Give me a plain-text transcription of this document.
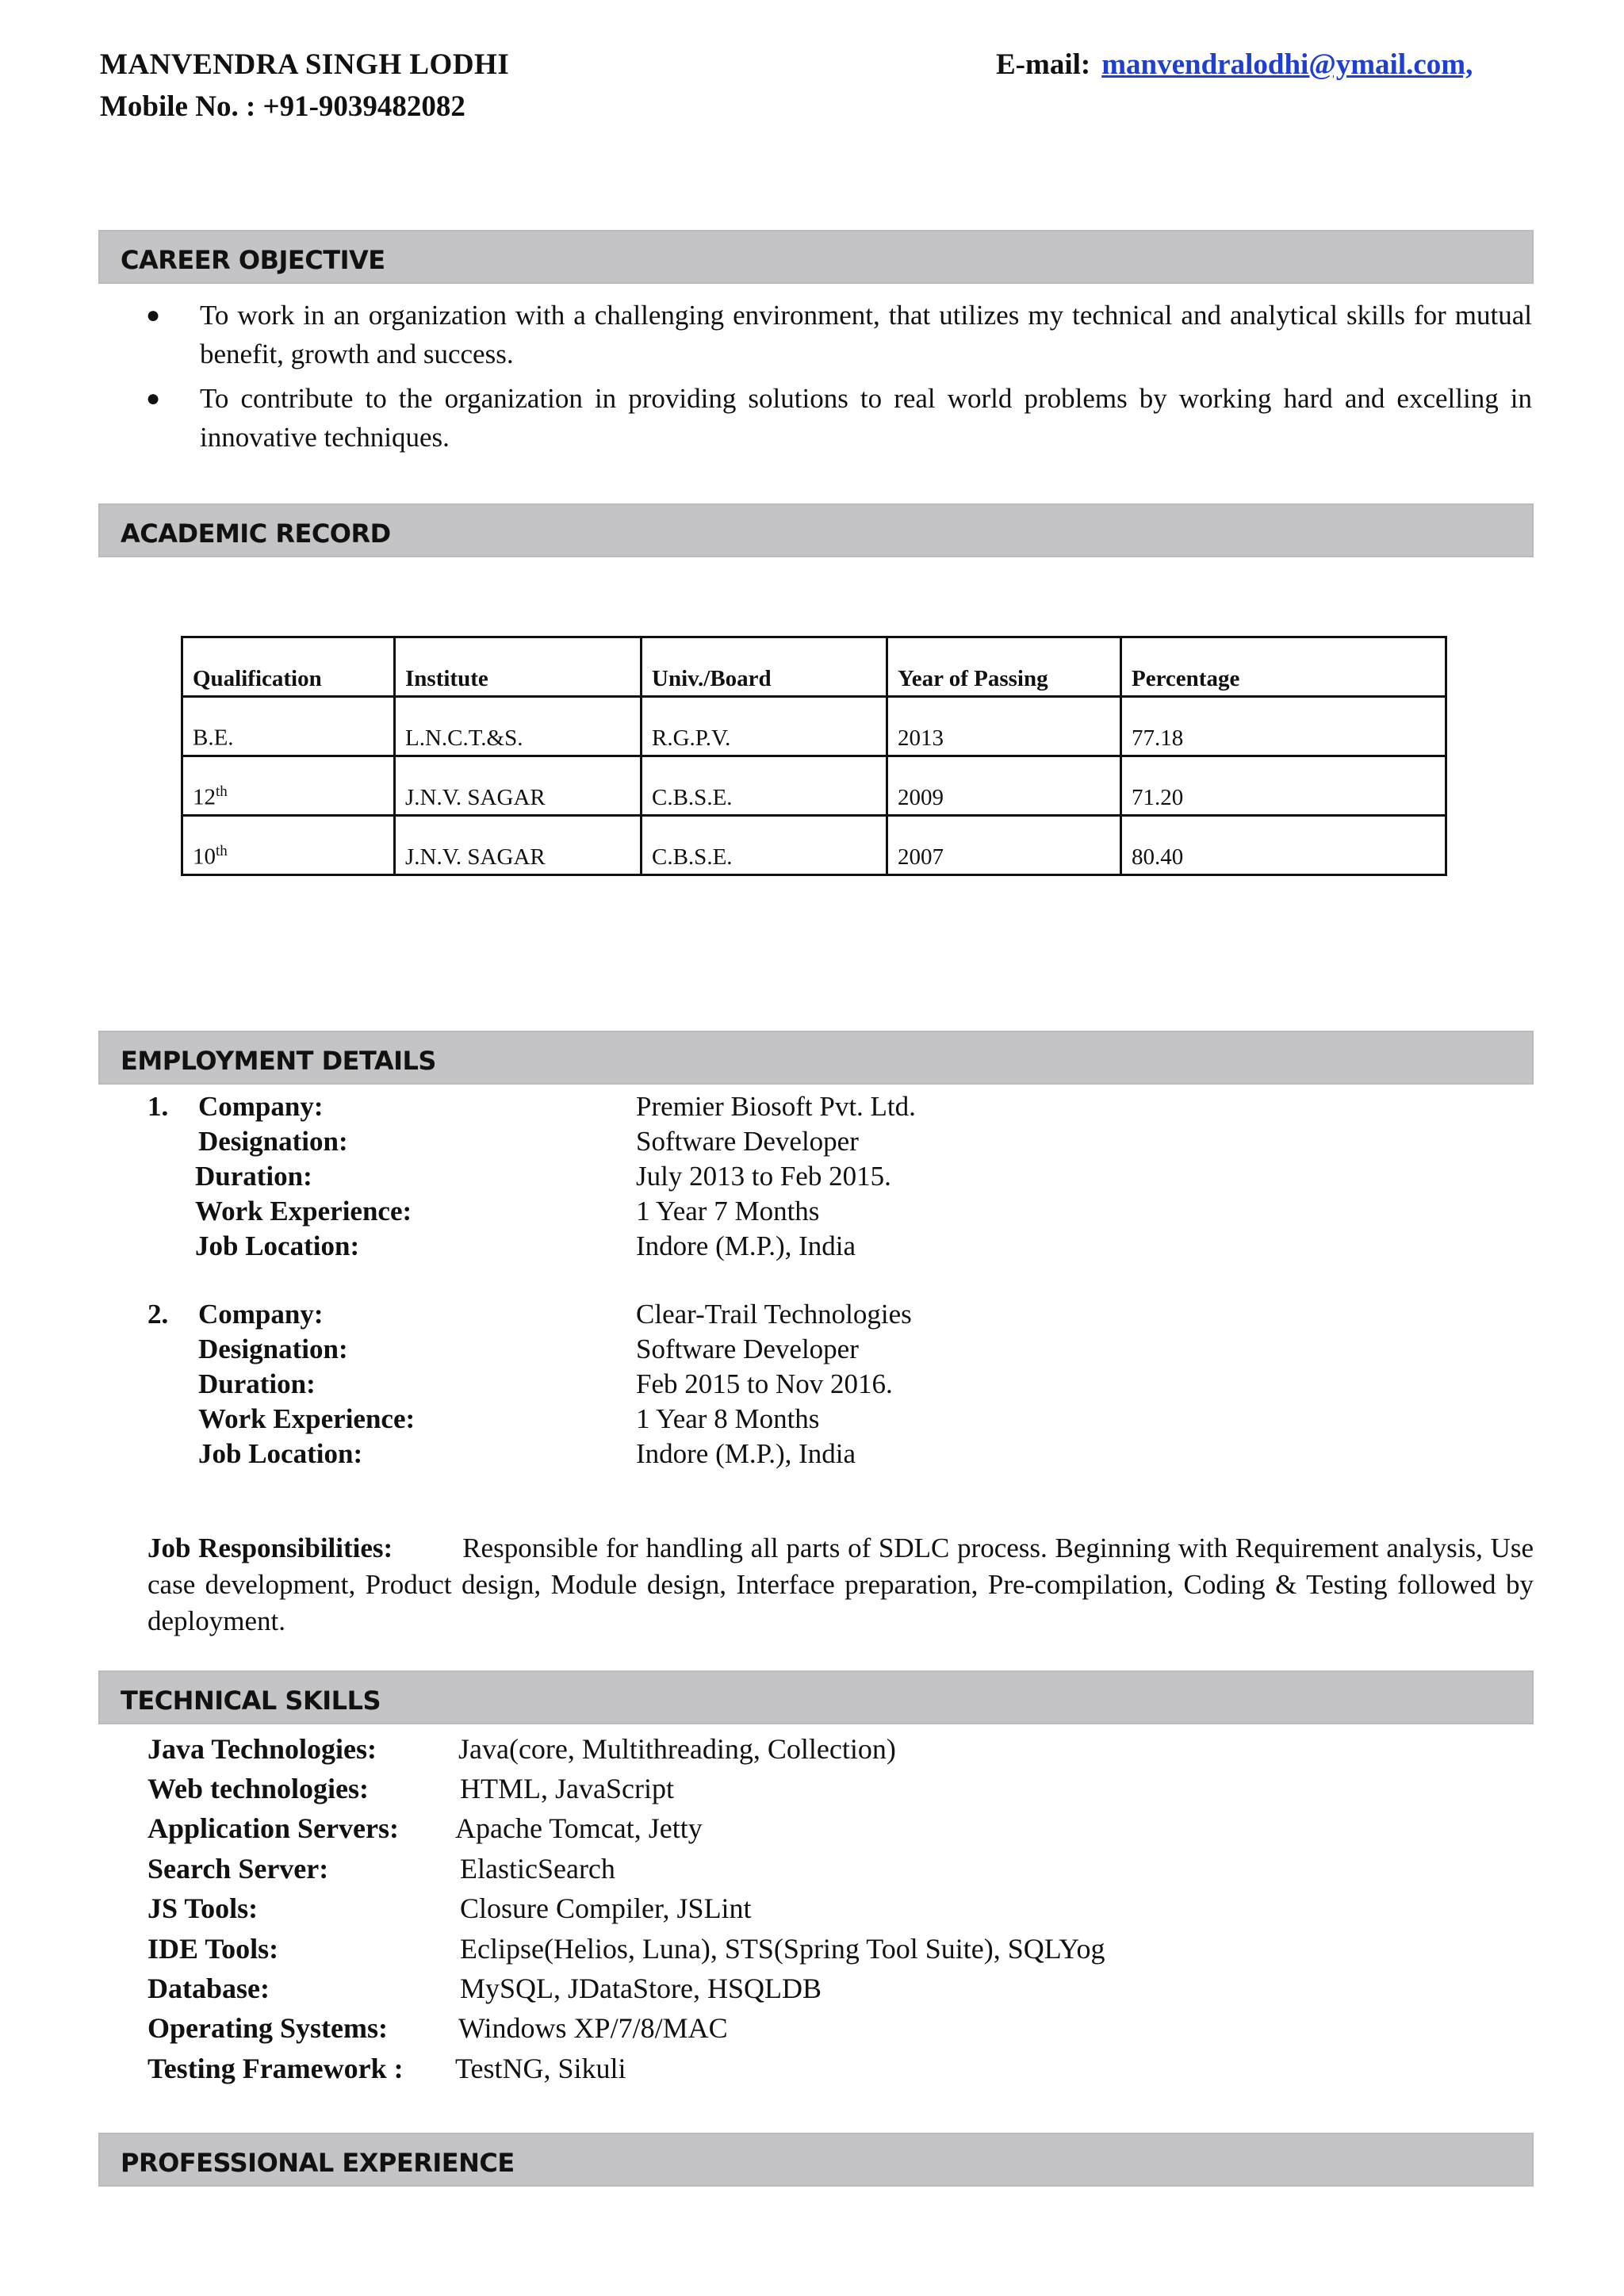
MANVENDRA SINGH LODHI	E-mail: manvendralodhi@ymail.com,
Mobile No. : +91-9039482082
CAREER OBJECTIVE
● To work in an organization with a challenging environment, that utilizes my technical and analytical skills for mutual benefit, growth and success.
● To contribute to the organization in providing solutions to real world problems by working hard and excelling in innovative techniques.
ACADEMIC RECORD
Qualification	Institute	Univ./Board	Year of Passing	Percentage
B.E.	L.N.C.T.&S.	R.G.P.V.	2013	77.18
12th	J.N.V. SAGAR	C.B.S.E.	2009	71.20
10th	J.N.V. SAGAR	C.B.S.E.	2007	80.40
EMPLOYMENT DETAILS
1. Company:	Premier Biosoft Pvt. Ltd.
Designation:	Software Developer
Duration:	July 2013 to Feb 2015.
Work Experience:	1 Year 7 Months
Job Location:	Indore (M.P.), India
2. Company:	Clear-Trail Technologies
Designation:	Software Developer
Duration:	Feb 2015 to Nov 2016.
Work Experience:	1 Year 8 Months
Job Location:	Indore (M.P.), India
Job Responsibilities:	Responsible for handling all parts of SDLC process. Beginning with Requirement analysis, Use case development, Product design, Module design, Interface preparation, Pre-compilation, Coding & Testing followed by deployment.
TECHNICAL SKILLS
Java Technologies:	Java(core, Multithreading, Collection)
Web technologies:	HTML, JavaScript
Application Servers: Apache Tomcat, Jetty
Search Server:	ElasticSearch
JS Tools:	Closure Compiler, JSLint
IDE Tools:	Eclipse(Helios, Luna), STS(Spring Tool Suite), SQLYog
Database:	MySQL, JDataStore, HSQLDB
Operating Systems: Windows XP/7/8/MAC
Testing Framework : TestNG, Sikuli
PROFESSIONAL EXPERIENCE
